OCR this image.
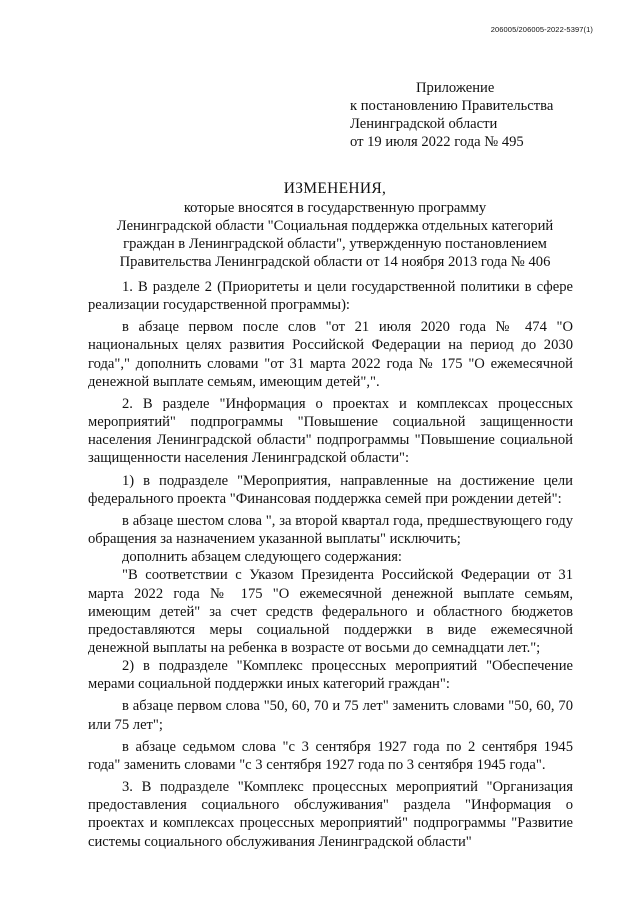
206005/206005-2022-5397(1)
Приложение
к постановлению Правительства
Ленинградской области
от 19 июля 2022 года № 495
ИЗМЕНЕНИЯ,
которые вносятся в государственную программу
Ленинградской области "Социальная поддержка отдельных категорий
граждан в Ленинградской области", утвержденную постановлением
Правительства Ленинградской области от 14 ноября 2013 года № 406

1. В разделе 2 (Приоритеты и цели государственной политики в сфере реализации государственной программы):

в абзаце первом после слов "от 21 июля 2020 года № 474 "О национальных целях развития Российской Федерации на период до 2030 года"," дополнить словами "от 31 марта 2022 года № 175 "О ежемесячной денежной выплате семьям, имеющим детей",".

2. В разделе "Информация о проектах и комплексах процессных мероприятий" подпрограммы "Повышение социальной защищенности населения Ленинградской области" подпрограммы "Повышение социальной защищенности населения Ленинградской области":

1) в подразделе "Мероприятия, направленные на достижение цели федерального проекта "Финансовая поддержка семей при рождении детей":

в абзаце шестом слова ", за второй квартал года, предшествующего году обращения за назначением указанной выплаты" исключить;

дополнить абзацем следующего содержания:

"В соответствии с Указом Президента Российской Федерации от 31 марта 2022 года № 175 "О ежемесячной денежной выплате семьям, имеющим детей" за счет средств федерального и областного бюджетов предоставляются меры социальной поддержки в виде ежемесячной денежной выплаты на ребенка в возрасте от восьми до семнадцати лет.";

2) в подразделе "Комплекс процессных мероприятий "Обеспечение мерами социальной поддержки иных категорий граждан":

в абзаце первом слова "50, 60, 70 и 75 лет" заменить словами "50, 60, 70 или 75 лет";

в абзаце седьмом слова "с 3 сентября 1927 года по 2 сентября 1945 года" заменить словами "с 3 сентября 1927 года по 3 сентября 1945 года".

3. В подразделе "Комплекс процессных мероприятий "Организация предоставления социального обслуживания" раздела "Информация о проектах и комплексах процессных мероприятий" подпрограммы "Развитие системы социального обслуживания Ленинградской области"
